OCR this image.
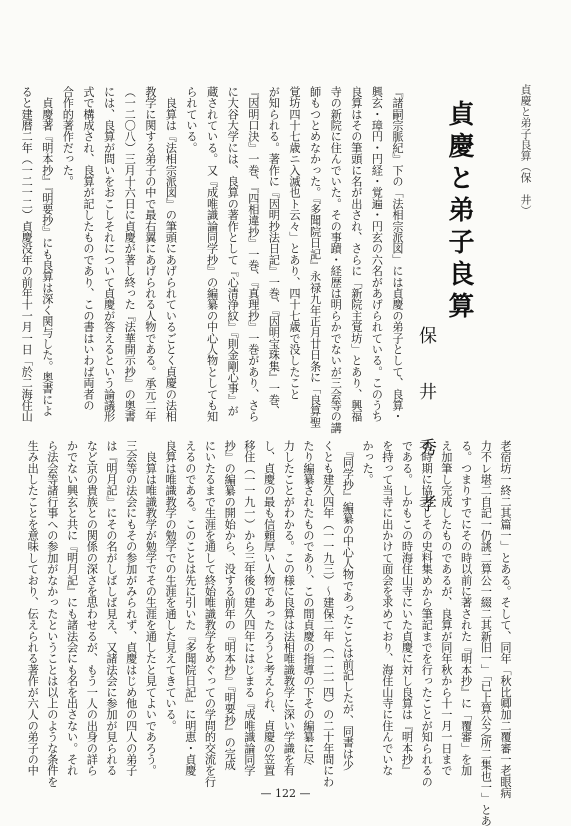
貞慶と弟子良算（保　井）
貞慶と弟子良算
保　井　秀　孝
『諸嗣宗脈紀』下の「法相宗派図」には貞慶の弟子として、良算・
興玄・璋円・円経・覚遍・円玄の六名があげられている。このうち
良算はその筆頭に名が出され、さらに「新院主覚坊」とあり、興福
寺の新院に住んでいた。その事蹟・経歴は明らかでないが三会等の講
師もつとめなかった。『多聞院日記』永禄九年正月廿日条に「良算聖
覚坊四十七歳ニ入滅也ト云々」とあり、四十七歳で没したこと
が知られる。著作に『因明抄法日記』一巻、『因明宝珠集』一巻、
『因明口決』一巻、『四相違抄』一巻、『真理抄』一巻があり、さら
に大谷大学には、良算の著作として『心清浄紋』『則金剛心事』が
蔵されている。又『成唯識論同学抄』の編纂の中心人物としても知
られている。
　良算は『法相宗派図』の筆頭にあげられているごとく貞慶の法相
教学に関する弟子の中で最右翼にあげられる人物である。承元二年
（一二〇八）三月十六日に貞慶が著し終った『法華開示抄』の奥書
には、良算が問いをおこしそれについて貞慶が答えるという論議形
式で構成され、良算が記したものであり、この書はいわば両者の
合作的著作だった。
　貞慶著『明本抄』『明要抄』にも良算は深く関与した。奥書によ
ると建暦二年（一二一二）貞慶没年の前年十一月一日「於二海住山
老宿坊一終二其篇一」とある。そして、同年「秋比卿加二覆審一老眼病
力不レ堪二自記一仍誂二算公一綴二其新旧一」「已上算公之所二集也一」とあ
る。つまりすでにその時以前に著された『明本抄』に「覆審」を加
え加筆し完成したものであるが、良算が同年秋から十一月一日まで
の時期に協力しその史料集めから筆記までを行ったことが知られるの
である。しかもこの時海住山寺にいた貞慶に対し良算は『明本抄』
を持って当寺に出かけて面会を求めており、海住山寺に住んでいな
かった。
　『同学抄』編纂の中心人物であったことは前記したが、同書は少
くとも建久四年（一一九三）～建保二年（一二一四）の二十年間にわ
たり編纂されたものであり、この間貞慶の指導の下その編纂に尽
力したことがわかる。この様に良算は法相唯識教学に深い学識を有
し、貞慶の最も信頼厚い人物であったろうと考えられ、貞慶の笠置
移住（一一九一）から三年後の建久四年にはじまる『成唯識論同学
抄』の編纂の開始から、没する前年の『明本抄』『明要抄』の完成
にいたるまで生涯を通して終始唯識教学をめぐっての学問的交流を行
えるのである。このことは先に引いた『多聞院日記』に明恵・貞慶
良算は唯識教学の勉学での生涯を通した見えてきている。
　良算は唯識教学が勉学でその生涯を通したと見てよいであろう。
三会等の法会にもその参加がみられず、貞慶はじめ他の四人の弟子
は『明月記』にその名がしばしば見え、又諸法会に参加が見られる
など京の貴族との関係の深さを思わせるが、もう一人の出身の詳ら
かでない興玄と共に『明月記』にも諸法会にも名を出さない。それ
ら法会等諸行事への参加がなかったということは以上のような条件を
生み出したことを意味しており、伝えられる著作が六人の弟子の中
— 122 —
